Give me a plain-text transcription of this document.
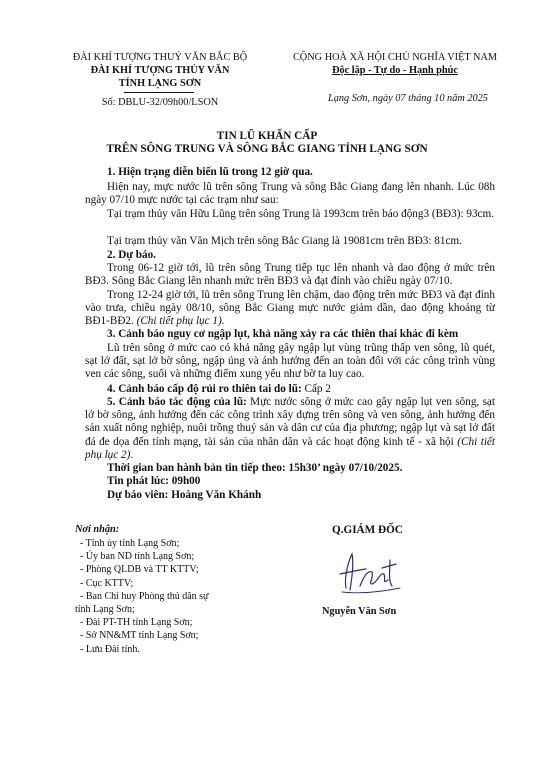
ĐÀI KHÍ TƯỢNG THUỶ VĂN BẮC BỘ
ĐÀI KHÍ TƯỢNG THỦY VĂN
TỈNH LẠNG SƠN
Số: DBLU-32/09h00/LSON
CỘNG HOÀ XÃ HỘI CHỦ NGHĨA VIỆT NAM
Độc lập - Tự do - Hạnh phúc
Lạng Sơn, ngày 07 tháng 10 năm 2025
TIN LŨ KHẨN CẤP
TRÊN SÔNG TRUNG VÀ SÔNG BẮC GIANG TỈNH LẠNG SƠN
1. Hiện trạng diễn biến lũ trong 12 giờ qua.
Hiện nay, mực nước lũ trên sông Trung và sông Bắc Giang đang lên nhanh. Lúc 08h ngày 07/10 mực nước tại các trạm như sau:
Tại trạm thủy văn Hữu Lũng trên sông Trung là 1993cm trên báo động3 (BĐ3): 93cm.
Tại trạm thủy văn Văn Mịch trên sông Bắc Giang là 19081cm trên BĐ3: 81cm.
2. Dự báo.
Trong 06-12 giờ tới, lũ trên sông Trung tiếp tục lên nhanh và dao động ở mức trên BĐ3. Sông Bắc Giang lên nhanh mức trên BĐ3 và đạt đỉnh vào chiều ngày 07/10.
Trong 12-24 giờ tới, lũ trên sông Trung lên chậm, dao động trên mức BĐ3 và đạt đỉnh vào trưa, chiều ngày 08/10, sông Bắc Giang mực nước giảm dần, dao động khoảng từ BĐ1-BĐ2. (Chi tiết phụ lục 1).
3. Cảnh báo nguy cơ ngập lụt, khả năng xảy ra các thiên thai khác đi kèm
Lũ trên sông ở mức cao có khả năng gây ngập lụt vùng trũng thấp ven sông, lũ quét, sạt lở đất, sạt lở bờ sông, ngập úng và ảnh hưởng đến an toàn đối với các công trình vùng ven các sông, suối và những điểm xung yếu như bờ ta luy cao.
4. Cảnh báo cấp độ rủi ro thiên tai do lũ: Cấp 2
5. Cảnh báo tác động của lũ: Mực nước sông ở mức cao gây ngập lụt ven sông, sạt lở bờ sông, ảnh hưởng đến các công trình xây dựng trên sông và ven sông, ảnh hưởng đến sản xuất nông nghiệp, nuôi trồng thuỷ sản và dân cư của địa phương; ngập lụt và sạt lở đất đá đe dọa đến tính mạng, tài sản của nhân dân và các hoạt động kinh tế - xã hội (Chi tiết phụ lục 2).
Thời gian ban hành bản tin tiếp theo: 15h30’ ngày 07/10/2025.
Tin phát lúc: 09h00
Dự báo viên: Hoàng Văn Khánh
Nơi nhận:
- Tỉnh ủy tỉnh Lạng Sơn;
- Ủy ban ND tỉnh Lạng Sơn;
- Phòng QLDB và TT KTTV;
- Cục KTTV;
- Ban Chỉ huy Phòng thủ dân sự
tỉnh Lạng Sơn;
- Đài PT-TH tỉnh Lạng Sơn;
- Sở NN&MT tỉnh Lạng Sơn;
- Lưu Đài tỉnh.
Q.GIÁM ĐỐC
Nguyễn Văn Sơn
